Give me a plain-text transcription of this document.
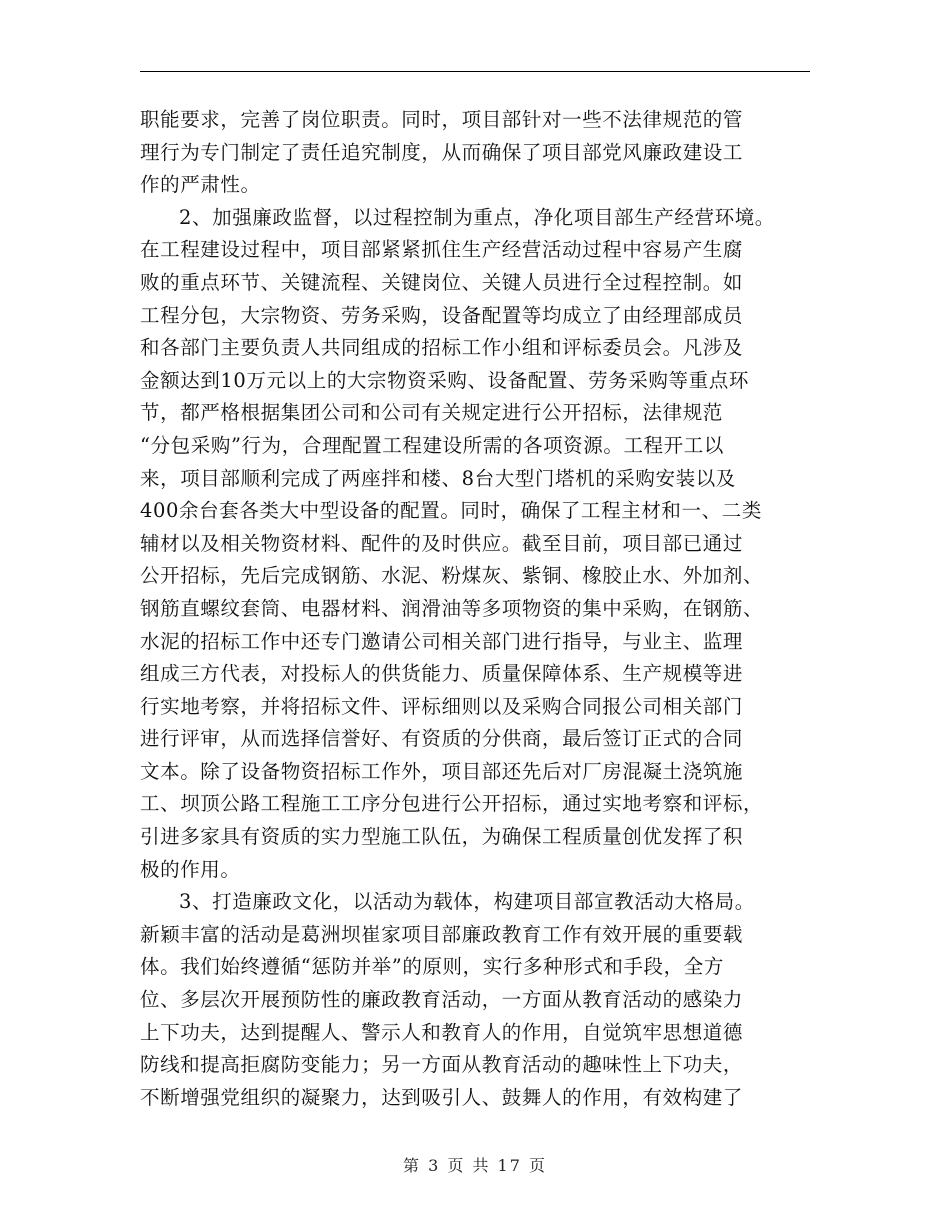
职能要求，完善了岗位职责。同时，项目部针对一些不法律规范的管
理行为专门制定了责任追究制度，从而确保了项目部党风廉政建设工
作的严肃性。
2、加强廉政监督，以过程控制为重点，净化项目部生产经营环境。
在工程建设过程中，项目部紧紧抓住生产经营活动过程中容易产生腐
败的重点环节、关键流程、关键岗位、关键人员进行全过程控制。如
工程分包，大宗物资、劳务采购，设备配置等均成立了由经理部成员
和各部门主要负责人共同组成的招标工作小组和评标委员会。凡涉及
金额达到10万元以上的大宗物资采购、设备配置、劳务采购等重点环
节，都严格根据集团公司和公司有关规定进行公开招标，法律规范
“分包采购”行为，合理配置工程建设所需的各项资源。工程开工以
来，项目部顺利完成了两座拌和楼、8台大型门塔机的采购安装以及
400余台套各类大中型设备的配置。同时，确保了工程主材和一、二类
辅材以及相关物资材料、配件的及时供应。截至目前，项目部已通过
公开招标，先后完成钢筋、水泥、粉煤灰、紫铜、橡胶止水、外加剂、
钢筋直螺纹套筒、电器材料、润滑油等多项物资的集中采购，在钢筋、
水泥的招标工作中还专门邀请公司相关部门进行指导，与业主、监理
组成三方代表，对投标人的供货能力、质量保障体系、生产规模等进
行实地考察，并将招标文件、评标细则以及采购合同报公司相关部门
进行评审，从而选择信誉好、有资质的分供商，最后签订正式的合同
文本。除了设备物资招标工作外，项目部还先后对厂房混凝土浇筑施
工、坝顶公路工程施工工序分包进行公开招标，通过实地考察和评标，
引进多家具有资质的实力型施工队伍，为确保工程质量创优发挥了积
极的作用。
3、打造廉政文化，以活动为载体，构建项目部宣教活动大格局。
新颖丰富的活动是葛洲坝崔家项目部廉政教育工作有效开展的重要载
体。我们始终遵循“惩防并举”的原则，实行多种形式和手段，全方
位、多层次开展预防性的廉政教育活动，一方面从教育活动的感染力
上下功夫，达到提醒人、警示人和教育人的作用，自觉筑牢思想道德
防线和提高拒腐防变能力；另一方面从教育活动的趣味性上下功夫，
不断增强党组织的凝聚力，达到吸引人、鼓舞人的作用，有效构建了
第 3 页 共 17 页
